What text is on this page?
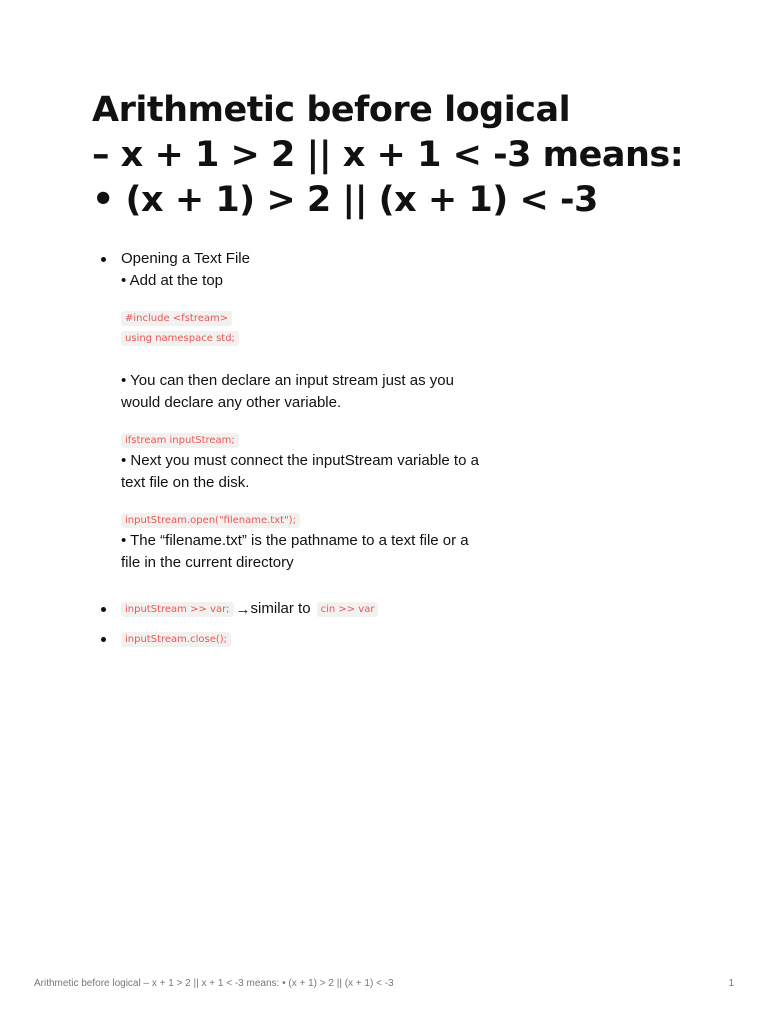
Arithmetic before logical
– x + 1 > 2 || x + 1 < -3 means:
• (x + 1) > 2 || (x + 1) < -3
Opening a Text File
• Add at the top
#include <fstream>
using namespace std;
• You can then declare an input stream just as you
would declare any other variable.
ifstream inputStream;
• Next you must connect the inputStream variable to a
text file on the disk.
inputStream.open("filename.txt");
• The “filename.txt” is the pathname to a text file or a
file in the current directory
inputStream >> var; → similar to	cin >> var
inputStream.close();
Arithmetic before logical – x + 1 > 2 || x + 1 < -3 means: • (x + 1) > 2 || (x + 1) < -3	1
